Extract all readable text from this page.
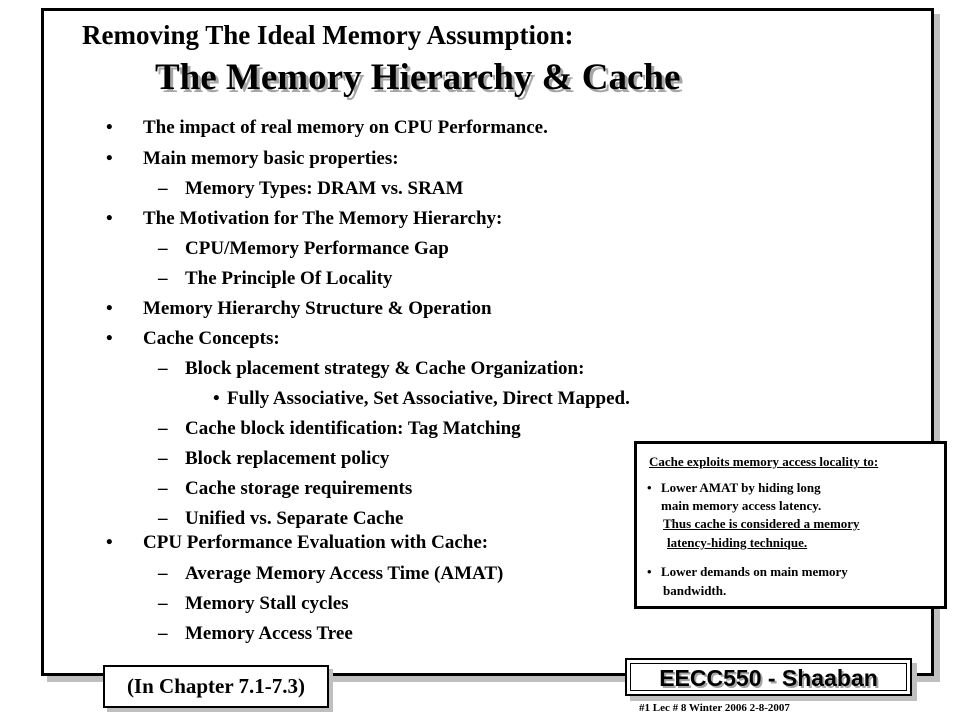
Removing The Ideal Memory Assumption:
The Memory Hierarchy & Cache
• The impact of real memory on CPU Performance.
• Main memory basic properties:
– Memory Types: DRAM vs. SRAM
• The Motivation for The Memory Hierarchy:
– CPU/Memory Performance Gap
– The Principle Of Locality
• Memory Hierarchy Structure & Operation
• Cache Concepts:
– Block placement strategy & Cache Organization:
• Fully Associative, Set Associative, Direct Mapped.
– Cache block identification: Tag Matching
– Block replacement policy
– Cache storage requirements
– Unified vs. Separate Cache
• CPU Performance Evaluation with Cache:
– Average Memory Access Time (AMAT)
– Memory Stall cycles
– Memory Access Tree
Cache exploits memory access locality to:
• Lower AMAT by hiding long
main memory access latency.
Thus cache is considered a memory
latency-hiding technique.
• Lower demands on main memory
bandwidth.
(In Chapter 7.1-7.3)	EECC550 - Shaaban
#1 Lec # 8 Winter 2006 2-8-2007
